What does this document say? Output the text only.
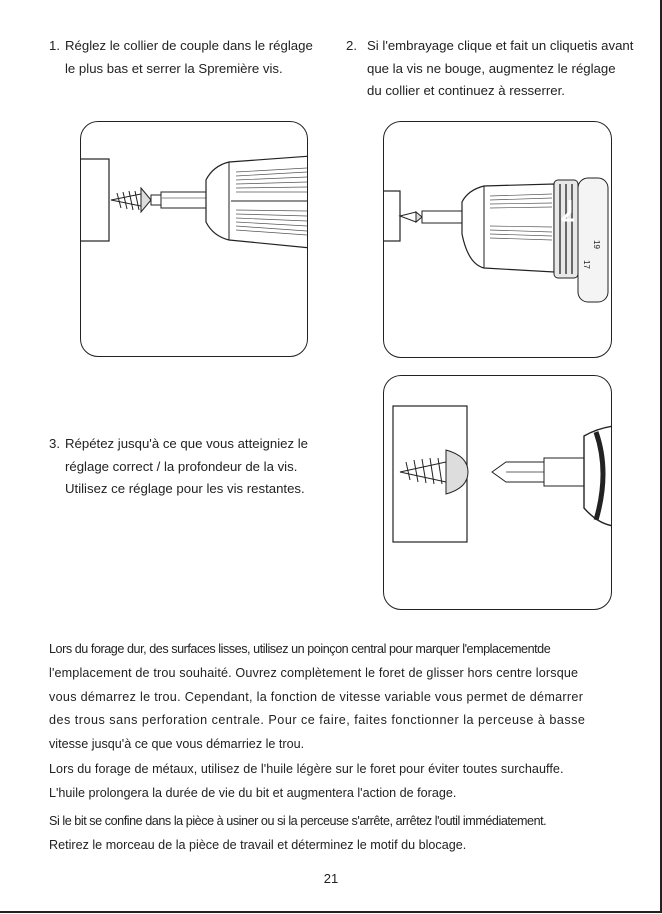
1. Réglez le collier de couple dans le réglage
le plus bas et serrer la Spremière vis.
2. Si l'embrayage clique et fait un cliquetis avant
que la vis ne bouge, augmentez le réglage
du collier et continuez à resserrer.
19
17
3. Répétez jusqu'à ce que vous atteigniez le
réglage correct / la profondeur de la vis.
Utilisez ce réglage pour les vis restantes.
Lors du forage dur, des surfaces lisses, utilisez un poinçon central pour marquer l'emplacementde
l'emplacement de trou souhaité. Ouvrez complètement le foret de glisser hors centre lorsque
vous démarrez le trou. Cependant, la fonction de vitesse variable vous permet de démarrer
des trous sans perforation centrale. Pour ce faire, faites fonctionner la perceuse à basse
vitesse jusqu'à ce que vous démarriez le trou.
Lors du forage de métaux, utilisez de l'huile légère sur le foret pour éviter toutes surchauffe.
L'huile prolongera la durée de vie du bit et augmentera l'action de forage.
Si le bit se confine dans la pièce à usiner ou si la perceuse s'arrête, arrêtez l'outil immédiatement.
Retirez le morceau de la pièce de travail et déterminez le motif du blocage.
21
